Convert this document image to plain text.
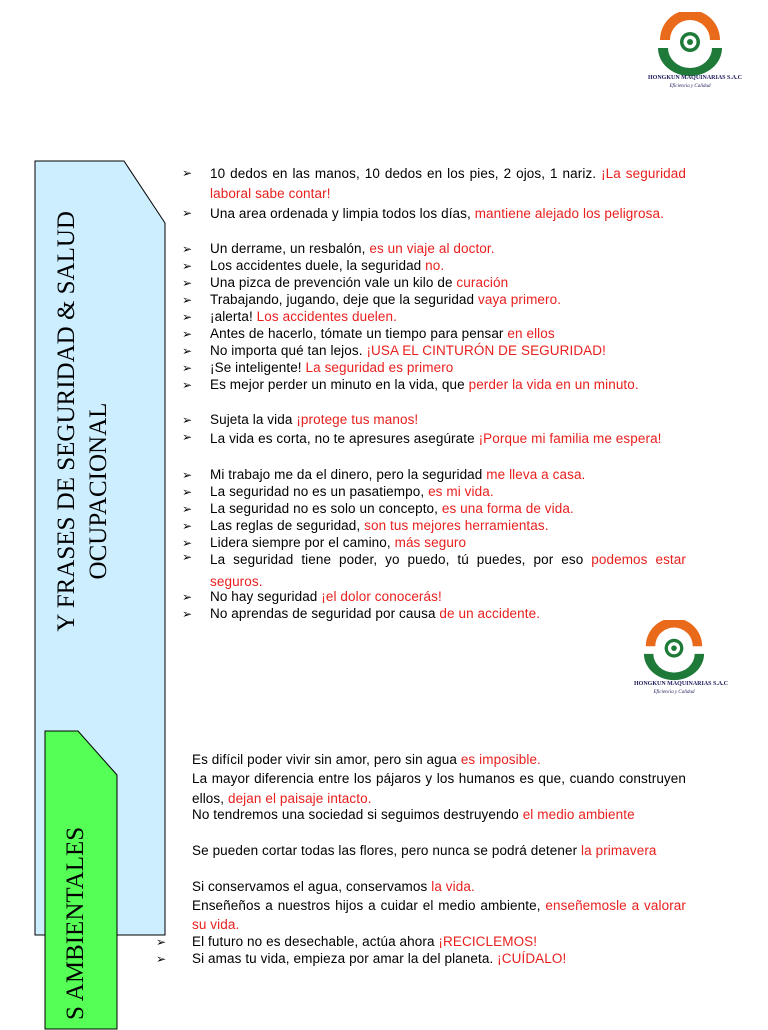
HONGKUN MAQUINARIAS S.A.C
Eficiencia y Calidad
Y FRASES DE SEGURIDAD & SALUD OCUPACIONAL
➢ 10 dedos en las manos, 10 dedos en los pies, 2 ojos, 1 nariz. ¡La seguridad laboral sabe contar!
➢ Una area ordenada y limpia todos los días, mantiene alejado los peligrosa.
➢ Un derrame, un resbalón, es un viaje al doctor.
➢ Los accidentes duele, la seguridad no.
➢ Una pizca de prevención vale un kilo de curación
➢ Trabajando, jugando, deje que la seguridad vaya primero.
➢ ¡alerta! Los accidentes duelen.
➢ Antes de hacerlo, tómate un tiempo para pensar en ellos
➢ No importa qué tan lejos. ¡USA EL CINTURÓN DE SEGURIDAD!
➢ ¡Se inteligente! La seguridad es primero
➢ Es mejor perder un minuto en la vida, que perder la vida en un minuto.
➢ Sujeta la vida ¡protege tus manos!
➢ La vida es corta, no te apresures asegúrate ¡Porque mi familia me espera!
➢ Mi trabajo me da el dinero, pero la seguridad me lleva a casa.
➢ La seguridad no es un pasatiempo, es mi vida.
➢ La seguridad no es solo un concepto, es una forma de vida.
➢ Las reglas de seguridad, son tus mejores herramientas.
➢ Lidera siempre por el camino, más seguro
➢ La seguridad tiene poder, yo puedo, tú puedes, por eso podemos estar seguros.
➢ No hay seguridad ¡el dolor conocerás!
➢ No aprendas de seguridad por causa de un accidente.
HONGKUN MAQUINARIAS S.A.C
Eficiencia y Calidad
S AMBIENTALES
Es difícil poder vivir sin amor, pero sin agua es imposible.
La mayor diferencia entre los pájaros y los humanos es que, cuando construyen ellos, dejan el paisaje intacto.
No tendremos una sociedad si seguimos destruyendo el medio ambiente
Se pueden cortar todas las flores, pero nunca se podrá detener la primavera
Si conservamos el agua, conservamos la vida.
Enseñeños a nuestros hijos a cuidar el medio ambiente, enseñemosle a valorar su vida.
➢ El futuro no es desechable, actúa ahora ¡RECICLEMOS!
➢ Si amas tu vida, empieza por amar la del planeta. ¡CUÍDALO!
